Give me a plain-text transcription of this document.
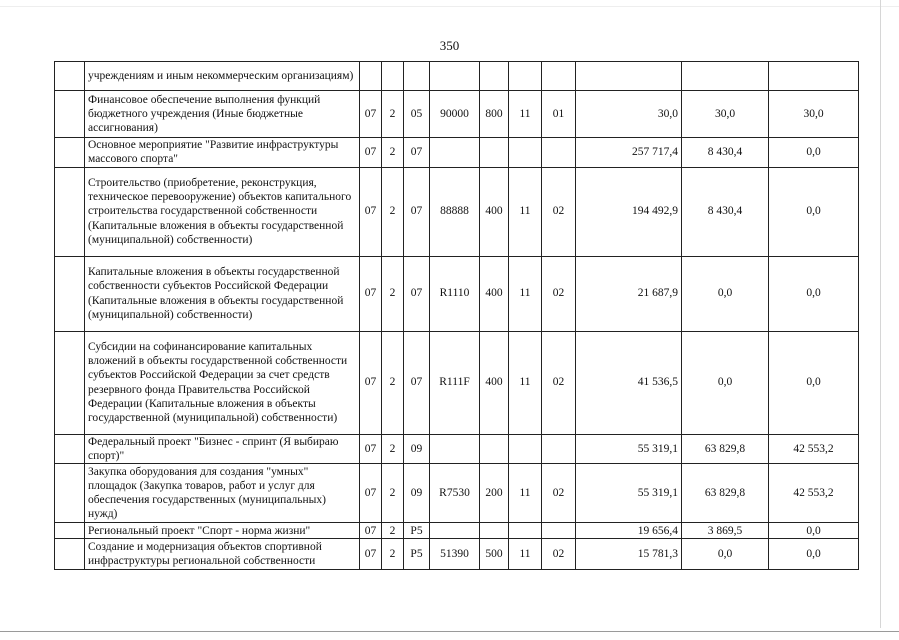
350
	учреждениям и иным некоммерческим организациям)										
	Финансовое обеспечение выполнения функций бюджетного учреждения (Иные бюджетные ассигнования)	07	2	05	90000	800	11	01	30,0	30,0	30,0
	Основное мероприятие "Развитие инфраструктуры массового спорта"	07	2	07					257 717,4	8 430,4	0,0
	Строительство (приобретение, реконструкция, техническое перевооружение) объектов капитального строительства государственной собственности (Капитальные вложения в объекты государственной (муниципальной) собственности)	07	2	07	88888	400	11	02	194 492,9	8 430,4	0,0
	Капитальные вложения в объекты государственной собственности субъектов Российской Федерации (Капитальные вложения в объекты государственной (муниципальной) собственности)	07	2	07	R1110	400	11	02	21 687,9	0,0	0,0
	Субсидии на софинансирование капитальных вложений в объекты государственной собственности субъектов Российской Федерации за счет средств резервного фонда Правительства Российской Федерации (Капитальные вложения в объекты государственной (муниципальной) собственности)	07	2	07	R111F	400	11	02	41 536,5	0,0	0,0
	Федеральный проект "Бизнес - спринт (Я выбираю спорт)"	07	2	09					55 319,1	63 829,8	42 553,2
	Закупка оборудования для создания "умных" площадок (Закупка товаров, работ и услуг для обеспечения государственных (муниципальных) нужд)	07	2	09	R7530	200	11	02	55 319,1	63 829,8	42 553,2
	Региональный проект "Спорт - норма жизни"	07	2	P5					19 656,4	3 869,5	0,0
	Создание и модернизация объектов спортивной инфраструктуры региональной собственности	07	2	P5	51390	500	11	02	15 781,3	0,0	0,0
